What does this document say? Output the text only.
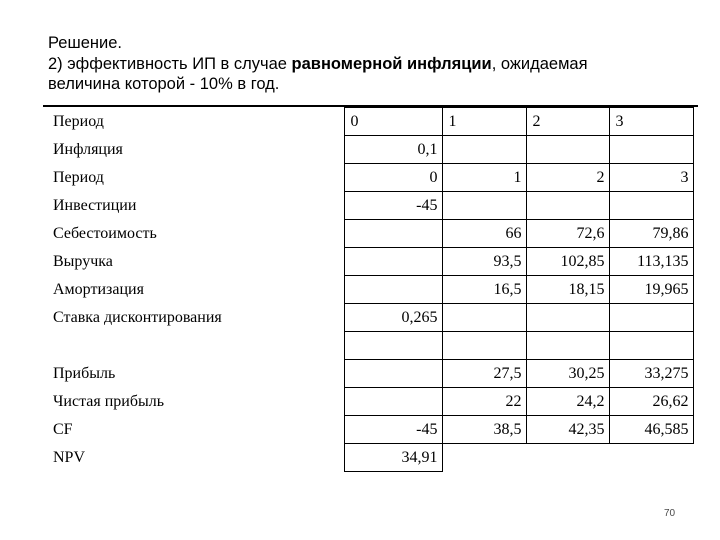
Решение.
2) эффективность ИП в случае равномерной инфляции, ожидаемая
величина которой - 10% в год.
Период	0	1	2	3
Инфляция	0,1			
Период	0	1	2	3
Инвестиции	-45			
Себестоимость		66	72,6	79,86
Выручка		93,5	102,85	113,135
Амортизация		16,5	18,15	19,965
Ставка дисконтирования	0,265			

Прибыль		27,5	30,25	33,275
Чистая прибыль		22	24,2	26,62
CF	-45	38,5	42,35	46,585
NPV	34,91			
70
